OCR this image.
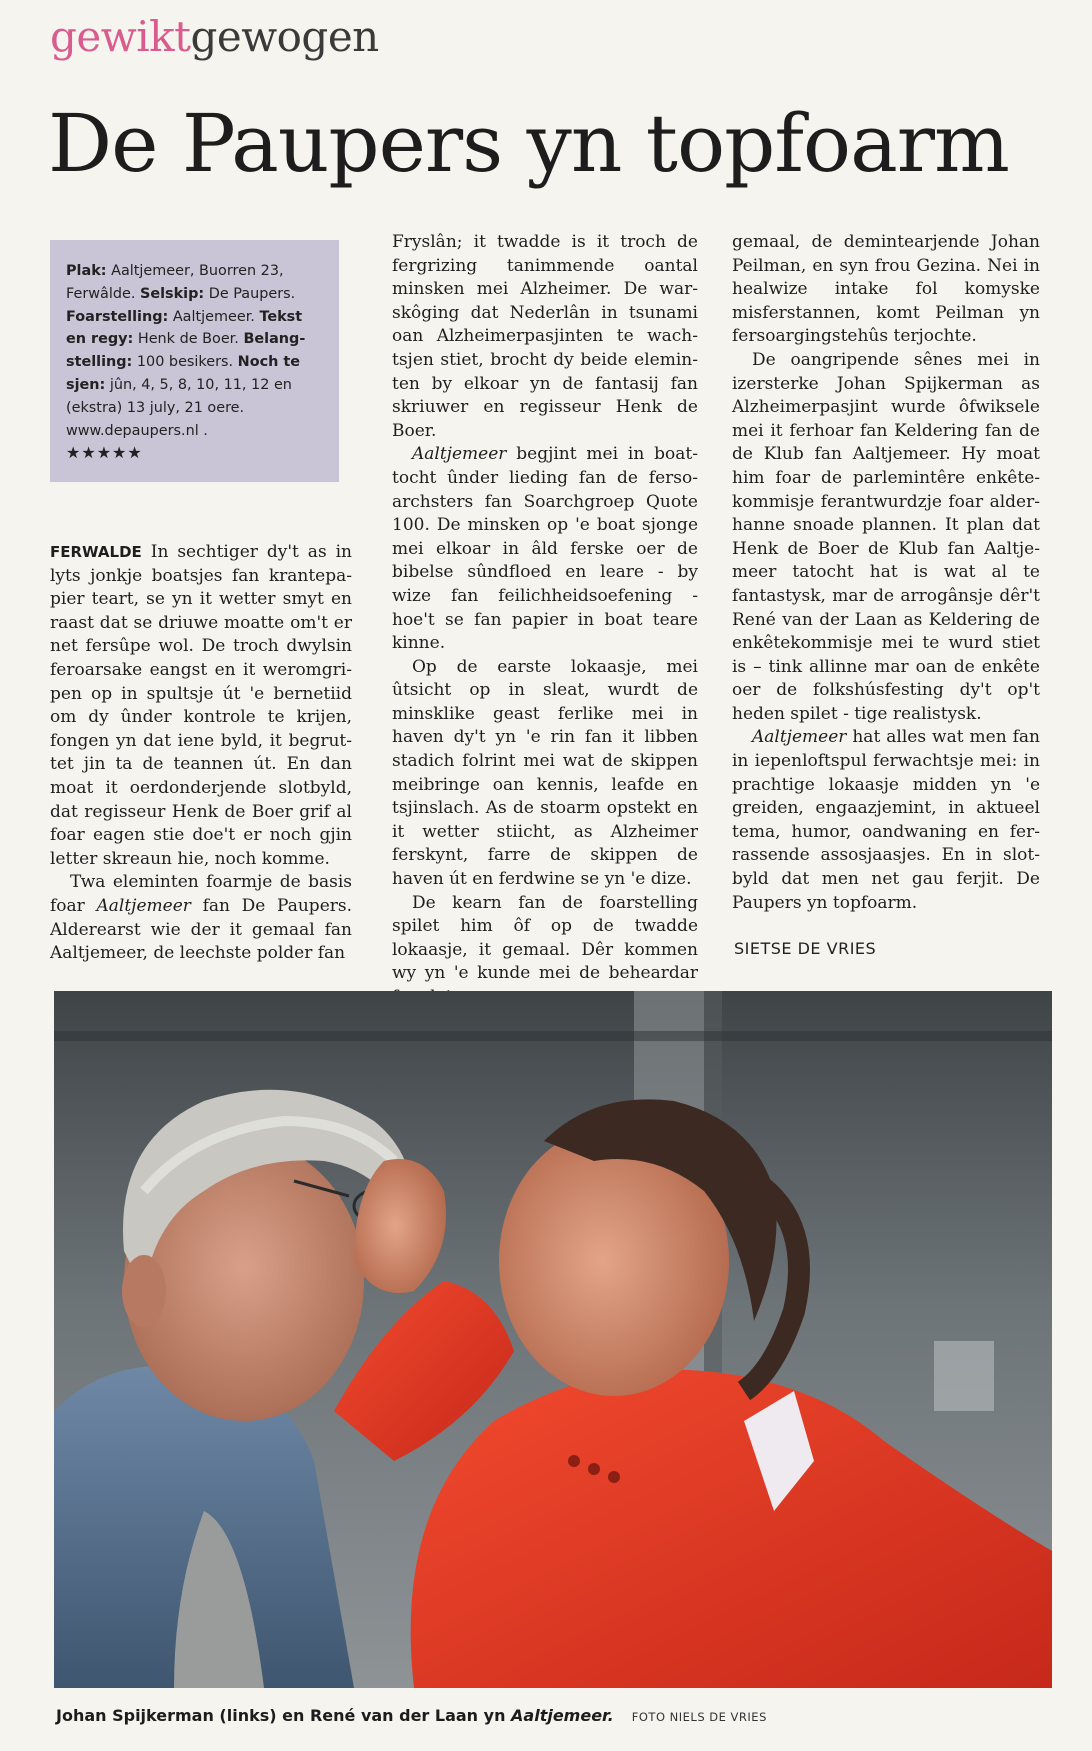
gewiktgewogen
De Paupers yn topfoarm

Plak: Aaltjemeer, Buorren 23,

Ferwâlde. Selskip: De Paupers.

Foarstelling: Aaltjemeer. Tekst

en regy: Henk de Boer. Belang-

stelling: 100 besikers. Noch te

sjen: jûn, 4, 5, 8, 10, 11, 12 en

(ekstra) 13 july, 21 oere.

www.depaupers.nl .

★★★★★

FERWALDE In sechtiger dy't as in lyts jonkje boatsjes fan krantepapier teart, se yn it wetter smyt en raast dat se driuwe moatte om't er net fersûpe wol. De troch dwylsin feroarsake eangst en it weromgripen op in spultsje út 'e bernetiid om dy ûnder kontrole te krijen, fongen yn dat iene byld, it begruttet jin ta de teannen út. En dan moat it oerdonderjende slotbyld, dat regisseur Henk de Boer grif al foar eagen stie doe't er noch gjin letter skreaun hie, noch komme.

Twa eleminten foarmje de basis foar Aaltjemeer fan De Paupers. Alderearst wie der it gemaal fan Aaltjemeer, de leechste polder fan

Fryslân; it twadde is it troch de fergrizing tanimmende oantal minsken mei Alzheimer. De warskôging dat Nederlân in tsunami oan Alzheimerpasjinten te wachtsjen stiet, brocht dy beide eleminten by elkoar yn de fantasij fan skriuwer en regisseur Henk de Boer.

Aaltjemeer begjint mei in boattocht ûnder lieding fan de fersoarchsters fan Soarchgroep Quote 100. De minsken op 'e boat sjonge mei elkoar in âld ferske oer de bibelse sûndfloed en leare - by wize fan feilichheidsoefening - hoe't se fan papier in boat teare kinne.

Op de earste lokaasje, mei ûtsicht op in sleat, wurdt de minsklike geast ferlike mei in haven dy't yn 'e rin fan it libben stadich folrint mei wat de skippen meibringe oan kennis, leafde en tsjinslach. As de stoarm opstekt en it wetter stiicht, as Alzheimer ferskynt, farre de skippen de haven út en ferdwine se yn 'e dize.

De kearn fan de foarstelling spilet him ôf op de twadde lokaasje, it gemaal. Dêr kommen wy yn 'e kunde mei de beheardar

gemaal, de demintearjende Johan Peilman, en syn frou Gezina. Nei in healwize intake fol komyske misferstannen, komt Peilman yn fersoargingstehûs terjochte.

De oangripende sênes mei in izersterke Johan Spijkerman as Alzheimerpasjint wurde ôfwiksele mei it ferhoar fan Keldering fan de de Klub fan Aaltjemeer. Hy moat him foar de parlemintêre enkêtekommisje ferantwurdzje foar alderhanne snoade plannen. It plan dat Henk de Boer de Klub fan Aaltjemeer tatocht hat is wat al te fantastysk, mar de arrogânsje dêr't René van der Laan as Keldering de enkêtekommisje mei te wurd stiet is – tink allinne mar oan de enkête oer de folkshúsfesting dy't op't heden spilet - tige realistysk.

Aaltjemeer hat alles wat men fan in iepenloftspul ferwachtsje mei: in prachtige lokaasje midden yn 'e greiden, engaazjemint, in aktueel tema, humor, oandwaning en ferrassende assosjaasjes. En in slotbyld dat men net gau ferjit. De Paupers yn topfoarm.

SIETSE DE VRIES
Johan Spijkerman (links) en René van der Laan yn Aaltjemeer. FOTO NIELS DE VRIES
